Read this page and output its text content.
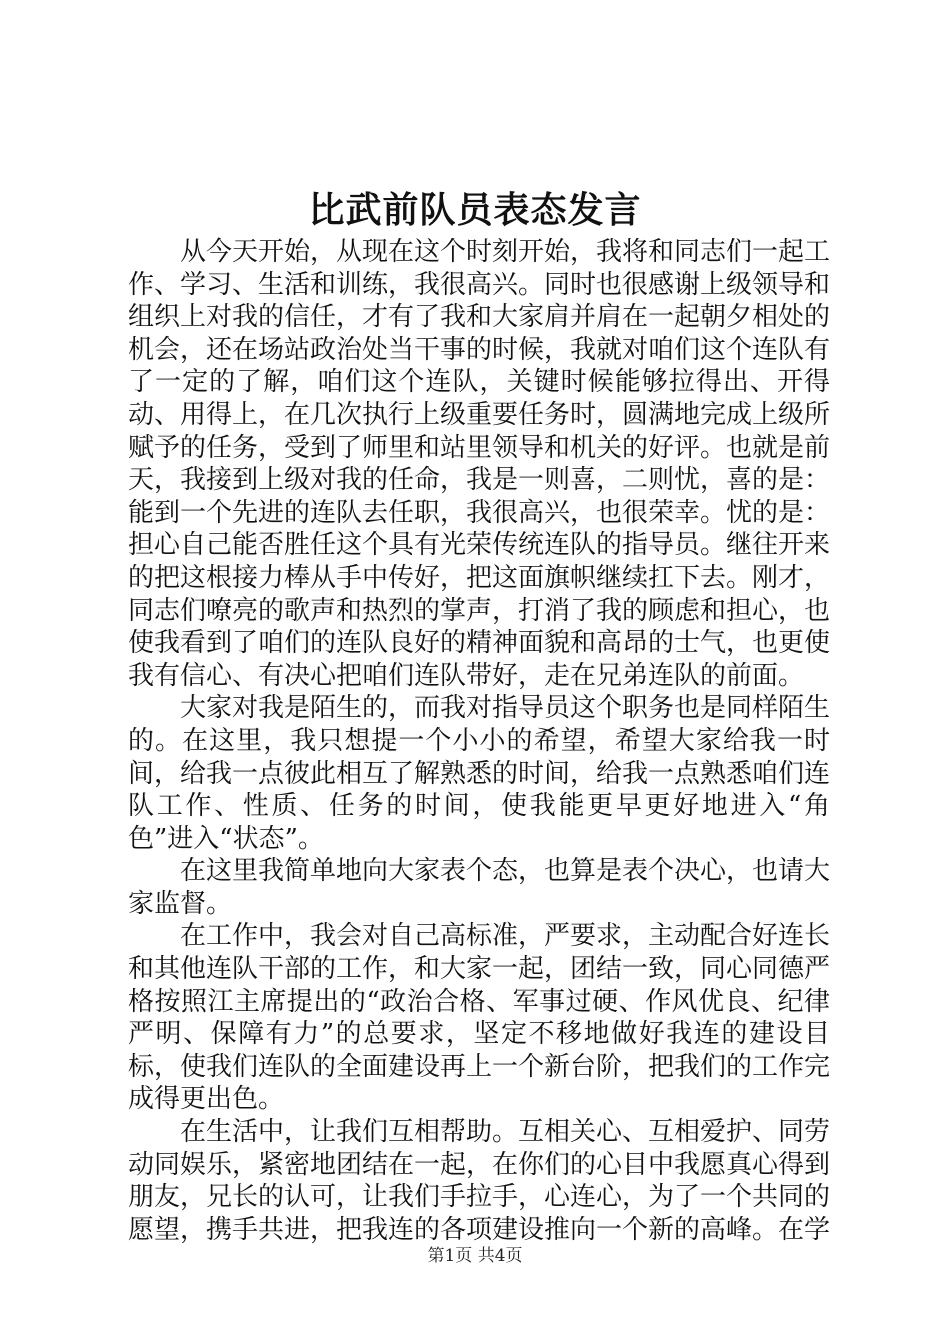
比武前队员表态发言

从今天开始，从现在这个时刻开始，我将和同志们一起工作、学习、生活和训练，我很高兴。同时也很感谢上级领导和组织上对我的信任，才有了我和大家肩并肩在一起朝夕相处的机会，还在场站政治处当干事的时候，我就对咱们这个连队有了一定的了解，咱们这个连队，关键时候能够拉得出、开得动、用得上，在几次执行上级重要任务时，圆满地完成上级所赋予的任务，受到了师里和站里领导和机关的好评。也就是前天，我接到上级对我的任命，我是一则喜，二则忧，喜的是：能到一个先进的连队去任职，我很高兴，也很荣幸。忧的是：担心自己能否胜任这个具有光荣传统连队的指导员。继往开来的把这根接力棒从手中传好，把这面旗帜继续扛下去。刚才，同志们嘹亮的歌声和热烈的掌声，打消了我的顾虑和担心，也使我看到了咱们的连队良好的精神面貌和高昂的士气，也更使我有信心、有决心把咱们连队带好，走在兄弟连队的前面。

大家对我是陌生的，而我对指导员这个职务也是同样陌生的。在这里，我只想提一个小小的希望，希望大家给我一时间，给我一点彼此相互了解熟悉的时间，给我一点熟悉咱们连队工作、性质、任务的时间，使我能更早更好地进入“角色”进入“状态”。

在这里我简单地向大家表个态，也算是表个决心，也请大家监督。

在工作中，我会对自己高标准，严要求，主动配合好连长和其他连队干部的工作，和大家一起，团结一致，同心同德严格按照江主席提出的“政治合格、军事过硬、作风优良、纪律严明、保障有力”的总要求，坚定不移地做好我连的建设目标，使我们连队的全面建设再上一个新台阶，把我们的工作完成得更出色。

在生活中，让我们互相帮助。互相关心、互相爱护、同劳动同娱乐，紧密地团结在一起，在你们的心目中我愿真心得到朋友，兄长的认可，让我们手拉手，心连心，为了一个共同的愿望，携手共进，把我连的各项建设推向一个新的高峰。在学

第1页 共4页
